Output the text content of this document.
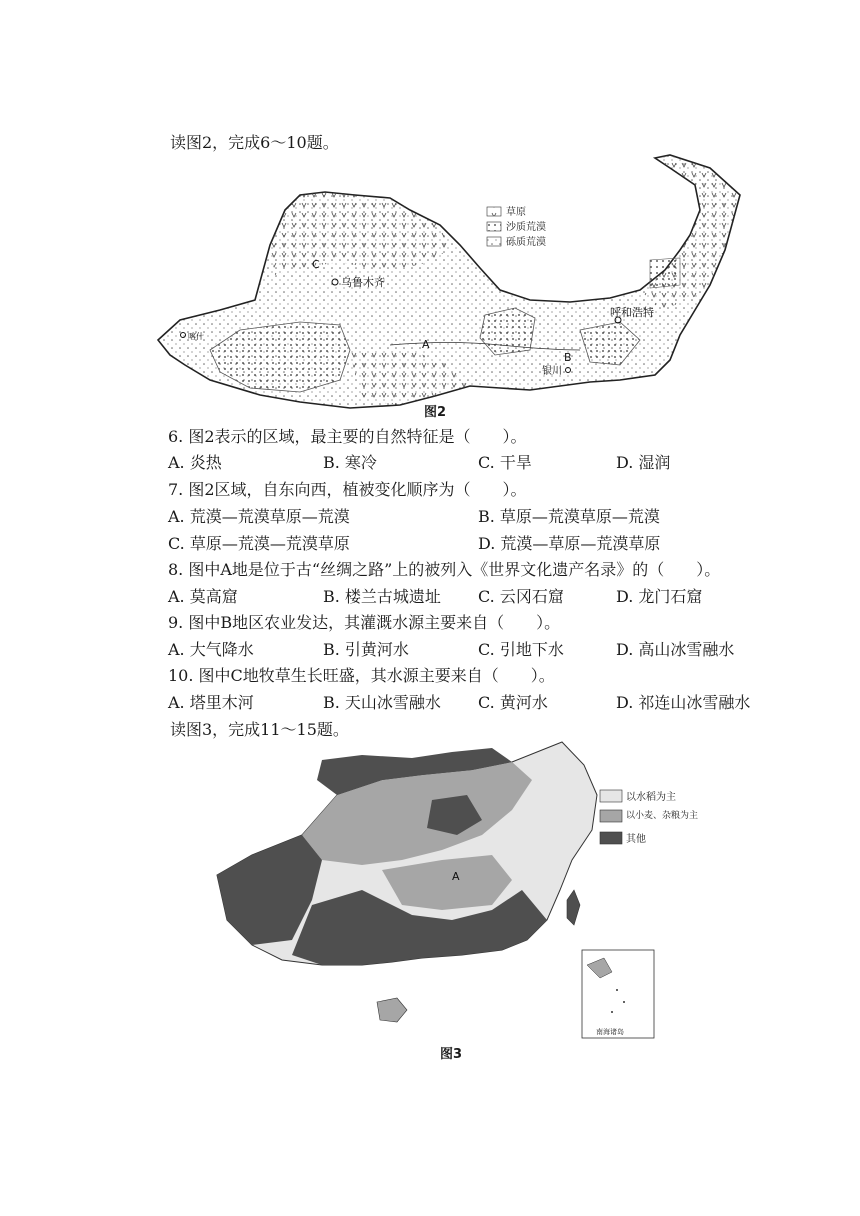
读图2，完成6～10题。
草原
沙质荒漠
砾质荒漠
C
乌鲁木齐
喀什
A
呼和浩特
B
银川
图2
6. 图2表示的区域，最主要的自然特征是（　　）。
A. 炎热	B. 寒冷	C. 干旱	D. 湿润
7. 图2区域，自东向西，植被变化顺序为（　　）。
A. 荒漠—荒漠草原—荒漠	B. 草原—荒漠草原—荒漠
C. 草原—荒漠—荒漠草原	D. 荒漠—草原—荒漠草原
8. 图中A地是位于古“丝绸之路”上的被列入《世界文化遗产名录》的（　　）。
A. 莫高窟	B. 楼兰古城遗址 C. 云冈石窟	D. 龙门石窟
9. 图中B地区农业发达，其灌溉水源主要来自（　　）。
A. 大气降水	B. 引黄河水	C. 引地下水	D. 高山冰雪融水
10. 图中C地牧草生长旺盛，其水源主要来自（　　）。
A. 塔里木河	B. 天山冰雪融水 C. 黄河水	D. 祁连山冰雪融水
读图3，完成11～15题。
A
以水稻为主
以小麦、杂粮为主
其他
南海诸岛
图3
